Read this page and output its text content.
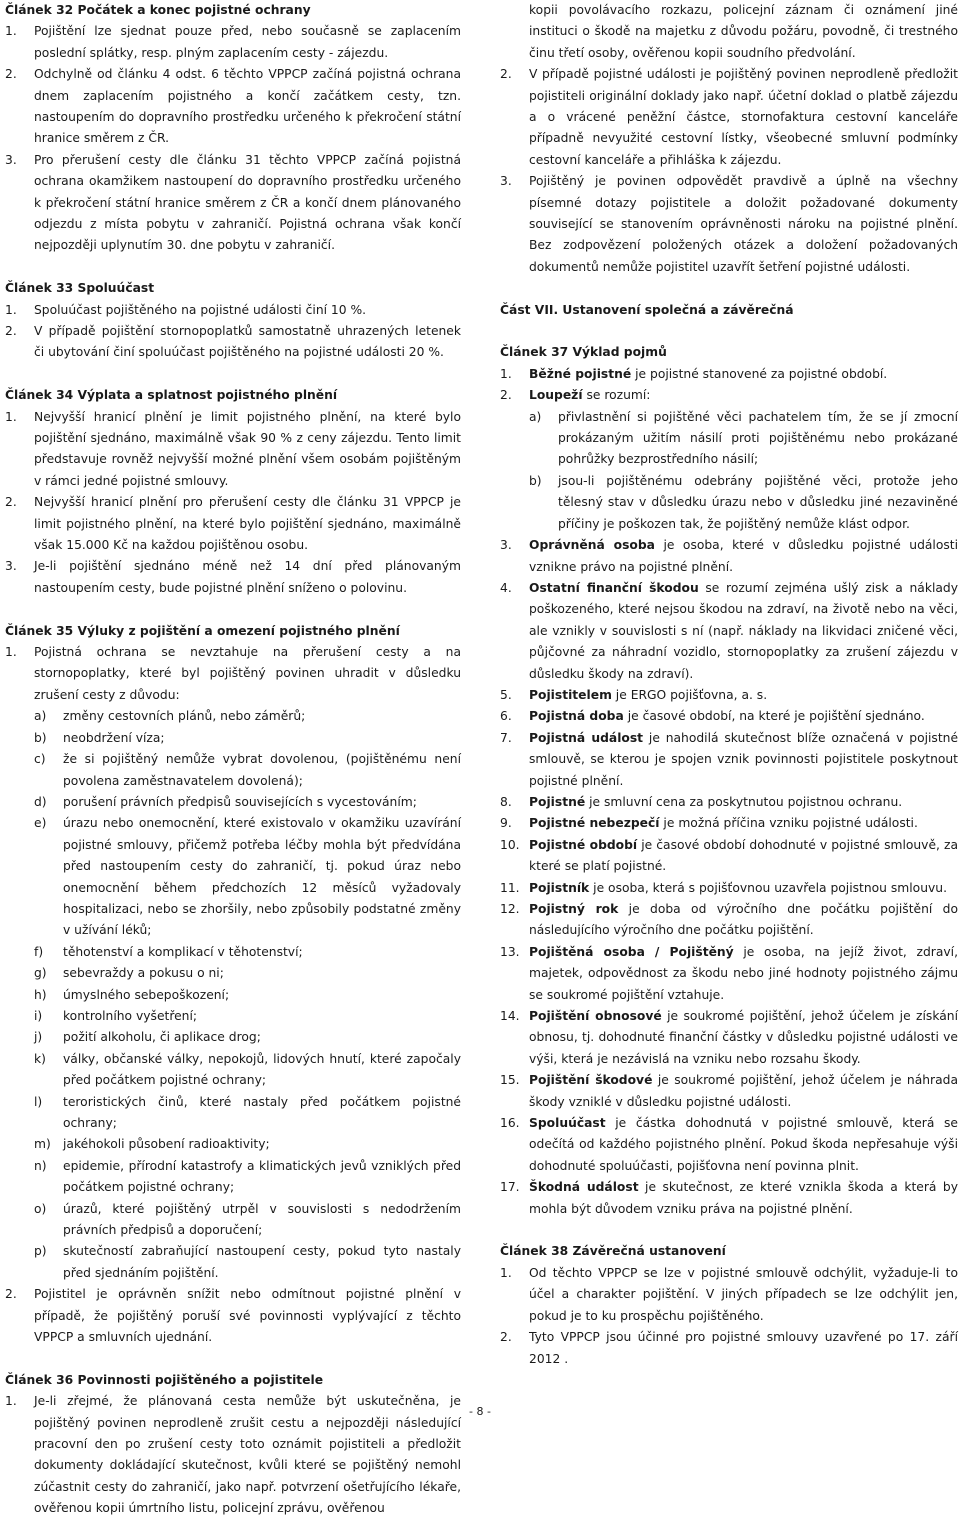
Článek 32 Počátek a konec pojistné ochrany
1. Pojištění lze sjednat pouze před, nebo současně se zaplacením poslední splátky, resp. plným zaplacením cesty - zájezdu.
2. Odchylně od článku 4 odst. 6 těchto VPPCP začíná pojistná ochrana dnem zaplacením pojistného a končí začátkem cesty, tzn. nastoupením do dopravního prostředku určeného k překročení státní hranice směrem z ČR.
3. Pro přerušení cesty dle článku 31 těchto VPPCP začíná pojistná ochrana okamžikem nastoupení do dopravního prostředku určeného k překročení státní hranice směrem z ČR a končí dnem plánovaného odjezdu z místa pobytu v zahraničí. Pojistná ochrana však končí nejpozději uplynutím 30. dne pobytu v zahraničí.
Článek 33 Spoluúčast
1. Spoluúčast pojištěného na pojistné události činí 10 %.
2. V případě pojištění stornopoplatků samostatně uhrazených letenek či ubytování činí spoluúčast pojištěného na pojistné události 20 %.
Článek 34 Výplata a splatnost pojistného plnění
1. Nejvyšší hranicí plnění je limit pojistného plnění, na které bylo pojištění sjednáno, maximálně však 90 % z ceny zájezdu. Tento limit představuje rovněž nejvyšší možné plnění všem osobám pojištěným v rámci jedné pojistné smlouvy.
2. Nejvyšší hranicí plnění pro přerušení cesty dle článku 31 VPPCP je limit pojistného plnění, na které bylo pojištění sjednáno, maximálně však 15.000 Kč na každou pojištěnou osobu.
3. Je-li pojištění sjednáno méně než 14 dní před plánovaným nastoupením cesty, bude pojistné plnění sníženo o polovinu.
Článek 35 Výluky z pojištění a omezení pojistného plnění
1. Pojistná ochrana se nevztahuje na přerušení cesty a na stornopoplatky, které byl pojištěný povinen uhradit v důsledku zrušení cesty z důvodu:
a) změny cestovních plánů, nebo záměrů;
b) neobdržení víza;
c) že si pojištěný nemůže vybrat dovolenou, (pojištěnému není povolena zaměstnavatelem dovolená);
d) porušení právních předpisů souvisejících s vycestováním;
e) úrazu nebo onemocnění, které existovalo v okamžiku uzavírání pojistné smlouvy, přičemž potřeba léčby mohla být předvídána před nastoupením cesty do zahraničí, tj. pokud úraz nebo onemocnění během předchozích 12 měsíců vyžadovaly hospitalizaci, nebo se zhoršily, nebo způsobily podstatné změny v užívání léků;
f) těhotenství a komplikací v těhotenství;
g) sebevraždy a pokusu o ni;
h) úmyslného sebepoškození;
i) kontrolního vyšetření;
j) požití alkoholu, či aplikace drog;
k) války, občanské války, nepokojů, lidových hnutí, které započaly před počátkem pojistné ochrany;
l) teroristických činů, které nastaly před počátkem pojistné ochrany;
m) jakéhokoli působení radioaktivity;
n) epidemie, přírodní katastrofy a klimatických jevů vzniklých před počátkem pojistné ochrany;
o) úrazů, které pojištěný utrpěl v souvislosti s nedodržením právních předpisů a doporučení;
p) skutečností zabraňující nastoupení cesty, pokud tyto nastaly před sjednáním pojištění.
2. Pojistitel je oprávněn snížit nebo odmítnout pojistné plnění v případě, že pojištěný poruší své povinnosti vyplývající z těchto VPPCP a smluvních ujednání.
Článek 36 Povinnosti pojištěného a pojistitele
1. Je-li zřejmé, že plánovaná cesta nemůže být uskutečněna, je pojištěný povinen neprodleně zrušit cestu a nejpozději následující pracovní den po zrušení cesty toto oznámit pojistiteli a předložit dokumenty dokládající skutečnost, kvůli které se pojištěný nemohl zúčastnit cesty do zahraničí, jako např. potvrzení ošetřujícího lékaře, ověřenou kopii úmrtního listu, policejní zprávu, ověřenou
kopii povolávacího rozkazu, policejní záznam či oznámení jiné instituci o škodě na majetku z důvodu požáru, povodně, či trestného činu třetí osoby, ověřenou kopii soudního předvolání.
2. V případě pojistné události je pojištěný povinen neprodleně předložit pojistiteli originální doklady jako např. účetní doklad o platbě zájezdu a o vrácené peněžní částce, stornofaktura cestovní kanceláře případně nevyužité cestovní lístky, všeobecné smluvní podmínky cestovní kanceláře a přihláška k zájezdu.
3. Pojištěný je povinen odpovědět pravdivě a úplně na všechny písemné dotazy pojistitele a doložit požadované dokumenty související se stanovením oprávněnosti nároku na pojistné plnění. Bez zodpovězení položených otázek a doložení požadovaných dokumentů nemůže pojistitel uzavřít šetření pojistné události.
Část VII. Ustanovení společná a závěrečná
Článek 37 Výklad pojmů
1. Běžné pojistné je pojistné stanovené za pojistné období.
2. Loupeží se rozumí:
a) přivlastnění si pojištěné věci pachatelem tím, že se jí zmocní prokázaným užitím násilí proti pojištěnému nebo prokázané pohrůžky bezprostředního násilí;
b) jsou-li pojištěnému odebrány pojištěné věci, protože jeho tělesný stav v důsledku úrazu nebo v důsledku jiné nezaviněné příčiny je poškozen tak, že pojištěný nemůže klást odpor.
3. Oprávněná osoba je osoba, které v důsledku pojistné události vznikne právo na pojistné plnění.
4. Ostatní finanční škodou se rozumí zejména ušlý zisk a náklady poškozeného, které nejsou škodou na zdraví, na životě nebo na věci, ale vznikly v souvislosti s ní (např. náklady na likvidaci zničené věci, půjčovné za náhradní vozidlo, stornopoplatky za zrušení zájezdu v důsledku škody na zdraví).
5. Pojistitelem je ERGO pojišťovna, a. s.
6. Pojistná doba je časové období, na které je pojištění sjednáno.
7. Pojistná událost je nahodilá skutečnost blíže označená v pojistné smlouvě, se kterou je spojen vznik povinnosti pojistitele poskytnout pojistné plnění.
8. Pojistné je smluvní cena za poskytnutou pojistnou ochranu.
9. Pojistné nebezpečí je možná příčina vzniku pojistné události.
10. Pojistné období je časové období dohodnuté v pojistné smlouvě, za které se platí pojistné.
11. Pojistník je osoba, která s pojišťovnou uzavřela pojistnou smlouvu.
12. Pojistný rok je doba od výročního dne počátku pojištění do následujícího výročního dne počátku pojištění.
13. Pojištěná osoba / Pojištěný je osoba, na jejíž život, zdraví, majetek, odpovědnost za škodu nebo jiné hodnoty pojistného zájmu se soukromé pojištění vztahuje.
14. Pojištění obnosové je soukromé pojištění, jehož účelem je získání obnosu, tj. dohodnuté finanční částky v důsledku pojistné události ve výši, která je nezávislá na vzniku nebo rozsahu škody.
15. Pojištění škodové je soukromé pojištění, jehož účelem je náhrada škody vzniklé v důsledku pojistné události.
16. Spoluúčast je částka dohodnutá v pojistné smlouvě, která se odečítá od každého pojistného plnění. Pokud škoda nepřesahuje výši dohodnuté spoluúčasti, pojišťovna není povinna plnit.
17. Škodná událost je skutečnost, ze které vznikla škoda a která by mohla být důvodem vzniku práva na pojistné plnění.
Článek 38 Závěrečná ustanovení
1. Od těchto VPPCP se lze v pojistné smlouvě odchýlit, vyžaduje-li to účel a charakter pojištění. V jiných případech se lze odchýlit jen, pokud je to ku prospěchu pojištěného.
2. Tyto VPPCP jsou účinné pro pojistné smlouvy uzavřené po 17. září 2012 .
- 8 -
